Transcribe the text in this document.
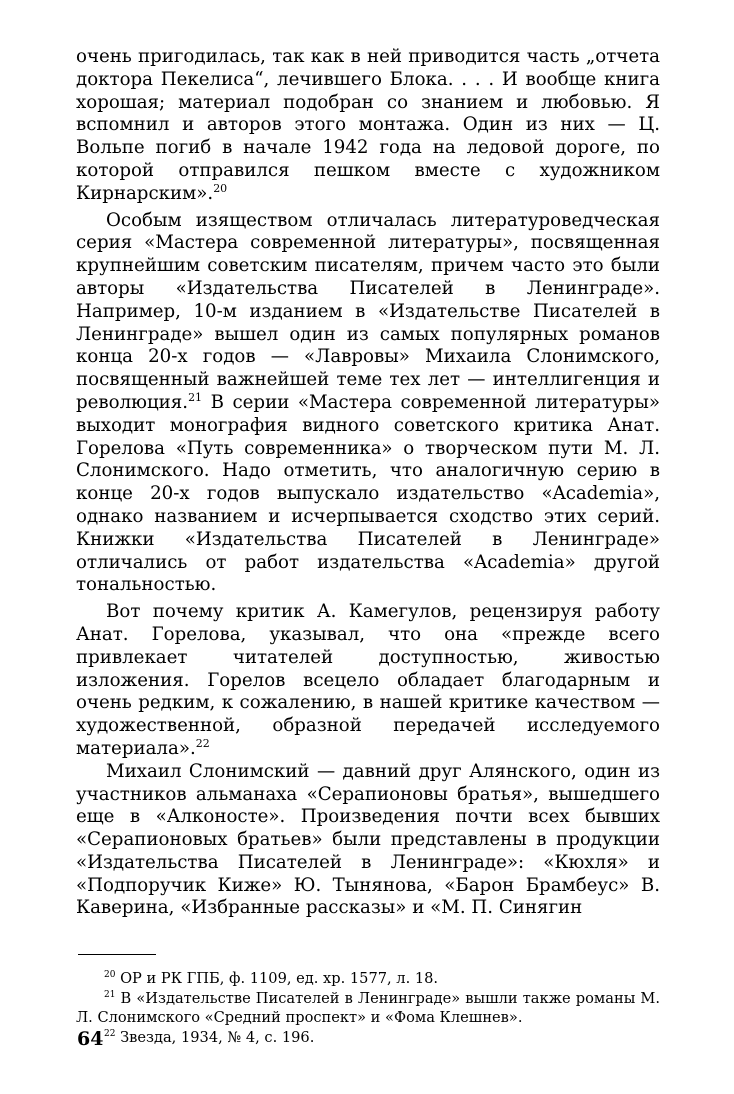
очень пригодилась, так как в ней приводится часть „отчета доктора Пекелиса“, лечившего Блока. . . . И вообще книга хорошая; материал подобран со знанием и любовью. Я вспомнил и авторов этого монтажа. Один из них — Ц. Вольпе погиб в начале 1942 года на ледовой дороге, по которой отправился пешком вместе с художником Кирнарским».$^{20}$

Особым изяществом отличалась литературоведческая серия «Мастера современной литературы», посвященная крупнейшим советским писателям, причем часто это были авторы «Издательства Писателей в Ленинграде». Например, 10-м изданием в «Издательстве Писателей в Ленинграде» вышел один из самых популярных романов конца 20-х годов — «Лавровы» Михаила Слонимского, посвященный важнейшей теме тех лет — интеллигенция и революция.$^{21}$ В серии «Мастера современной литературы» выходит монография видного советского критика Анат. Горелова «Путь современника» о творческом пути М. Л. Слонимского. Надо отметить, что аналогичную серию в конце 20-х годов выпускало издательство «Academia», однако названием и исчерпывается сходство этих серий. Книжки «Издательства Писателей в Ленинграде» отличались от работ издательства «Academia» другой тональностью.

Вот почему критик А. Камегулов, рецензируя работу Анат. Горелова, указывал, что она «прежде всего привлекает читателей доступностью, живостью изложения. Горелов всецело обладает благодарным и очень редким, к сожалению, в нашей критике качеством — художественной, образной передачей исследуемого материала».$^{22}$

Михаил Слонимский — давний друг Алянского, один из участников альманаха «Серапионовы братья», вышедшего еще в «Алконосте». Произведения почти всех бывших «Серапионовых братьев» были представлены в продукции «Издательства Писателей в Ленинграде»: «Кюхля» и «Подпоручик Киже» Ю. Тынянова, «Барон Брамбеус» В. Каверина, «Избранные рассказы» и «М. П. Синягин

$^{20}$ ОР и РК ГПБ, ф. 1109, ед. хр. 1577, л. 18.

$^{21}$ В «Издательстве Писателей в Ленинграде» вышли также романы М. Л. Слонимского «Средний проспект» и «Фома Клешнев».

$^{22}$ Звезда, 1934, № 4, с. 196.

64
